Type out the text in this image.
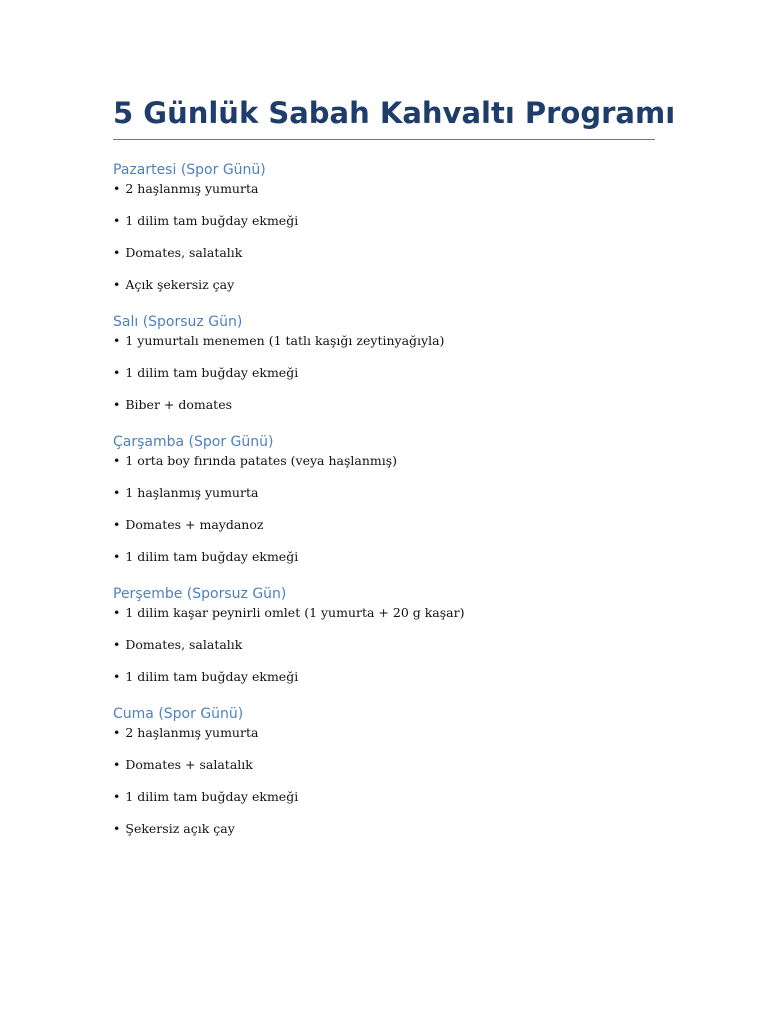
5 Günlük Sabah Kahvaltı Programı
Pazartesi (Spor Günü)
• 2 haşlanmış yumurta
• 1 dilim tam buğday ekmeği
• Domates, salatalık
• Açık şekersiz çay
Salı (Sporsuz Gün)
• 1 yumurtalı menemen (1 tatlı kaşığı zeytinyağıyla)
• 1 dilim tam buğday ekmeği
• Biber + domates
Çarşamba (Spor Günü)
• 1 orta boy fırında patates (veya haşlanmış)
• 1 haşlanmış yumurta
• Domates + maydanoz
• 1 dilim tam buğday ekmeği
Perşembe (Sporsuz Gün)
• 1 dilim kaşar peynirli omlet (1 yumurta + 20 g kaşar)
• Domates, salatalık
• 1 dilim tam buğday ekmeği
Cuma (Spor Günü)
• 2 haşlanmış yumurta
• Domates + salatalık
• 1 dilim tam buğday ekmeği
• Şekersiz açık çay
